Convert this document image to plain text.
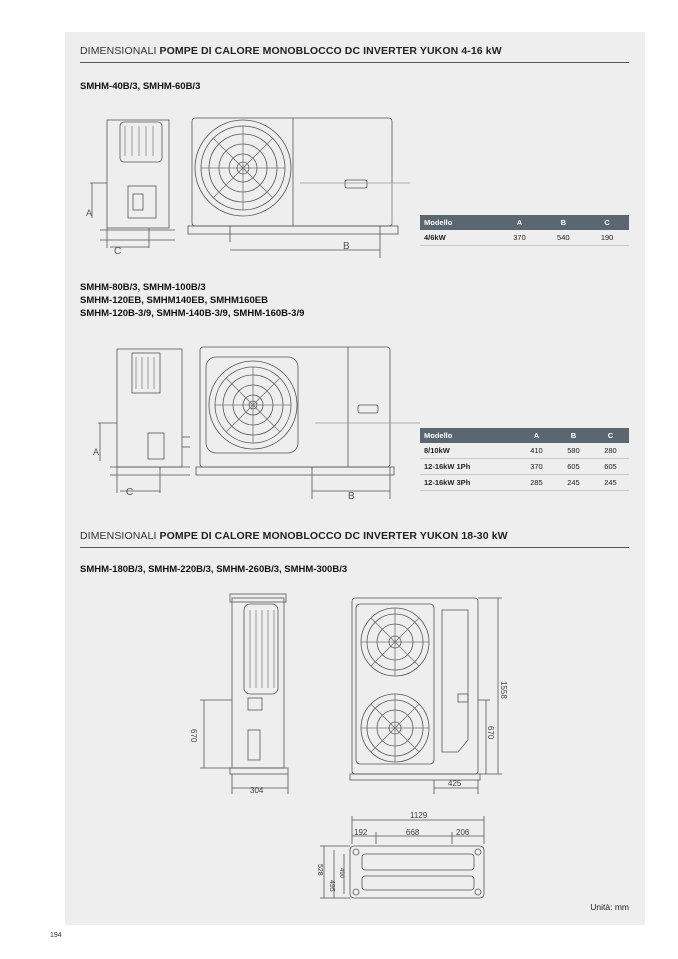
DIMENSIONALI POMPE DI CALORE MONOBLOCCO DC INVERTER YUKON 4-16 kW
SMHM-40B/3, SMHM-60B/3
A
C	B
Modello	A	B	C
4/6kW	370	540	190
SMHM-80B/3, SMHM-100B/3
SMHM-120EB, SMHM140EB, SMHM160EB
SMHM-120B-3/9, SMHM-140B-3/9, SMHM-160B-3/9
A
C	B
Modello	A	B	C
8/10kW	410	580	280
12-16kW 1Ph	370	605	605
12-16kW 3Ph	285	245	245
DIMENSIONALI POMPE DI CALORE MONOBLOCCO DC INVERTER YUKON 18-30 kW
SMHM-180B/3, SMHM-220B/3, SMHM-260B/3, SMHM-300B/3
670
304
1558
670
425
1129
192	668	206
528
495
490
Unità: mm
194
